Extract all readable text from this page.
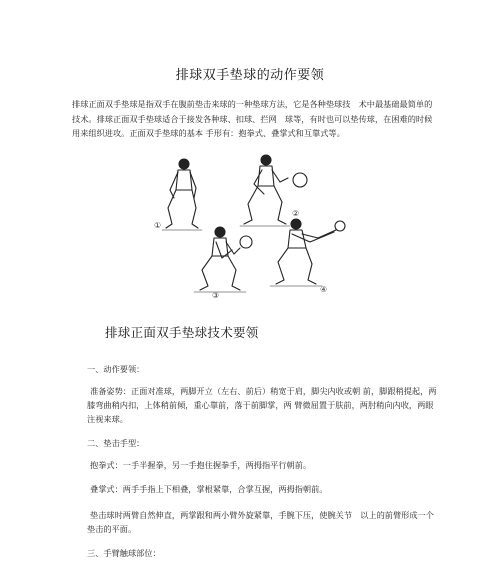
排球双手垫球的动作要领
排球正面双手垫球是指双手在腹前垫击来球的一种垫球方法，它是各种垫球技　术中最基础最简单的技术。排球正面双手垫球适合于接发各种球、扣球、拦网　球等，有时也可以垫传球，在困难的时候用来组织进攻。正面双手垫球的基本 手形有：抱拳式、叠掌式和互靠式等。
①
②
③
④
排球正面双手垫球技术要领
一、动作要领：
准备姿势：正面对准球，两脚开立（左右、前后）稍宽于肩，脚尖内收或朝 前，脚跟稍提起，两膝弯曲稍内扣，上体稍前倾，重心靠前，落于前脚掌，两 臂微屈置于肤前，两肘稍向内收，两眼注视来球。
二、垫击手型：
抱拳式：一手半握拳，另一手抱住握拳手，两拇指平行朝前。
叠掌式：两手手指上下相叠，掌根紧靠，合掌互握，两拇指朝前。
垫击球时两臂自然伸直，两掌跟和两小臂外旋紧靠，手腕下压，使腕关节　以上的前臂形成一个垫击的平面。
三、手臂触球部位：
